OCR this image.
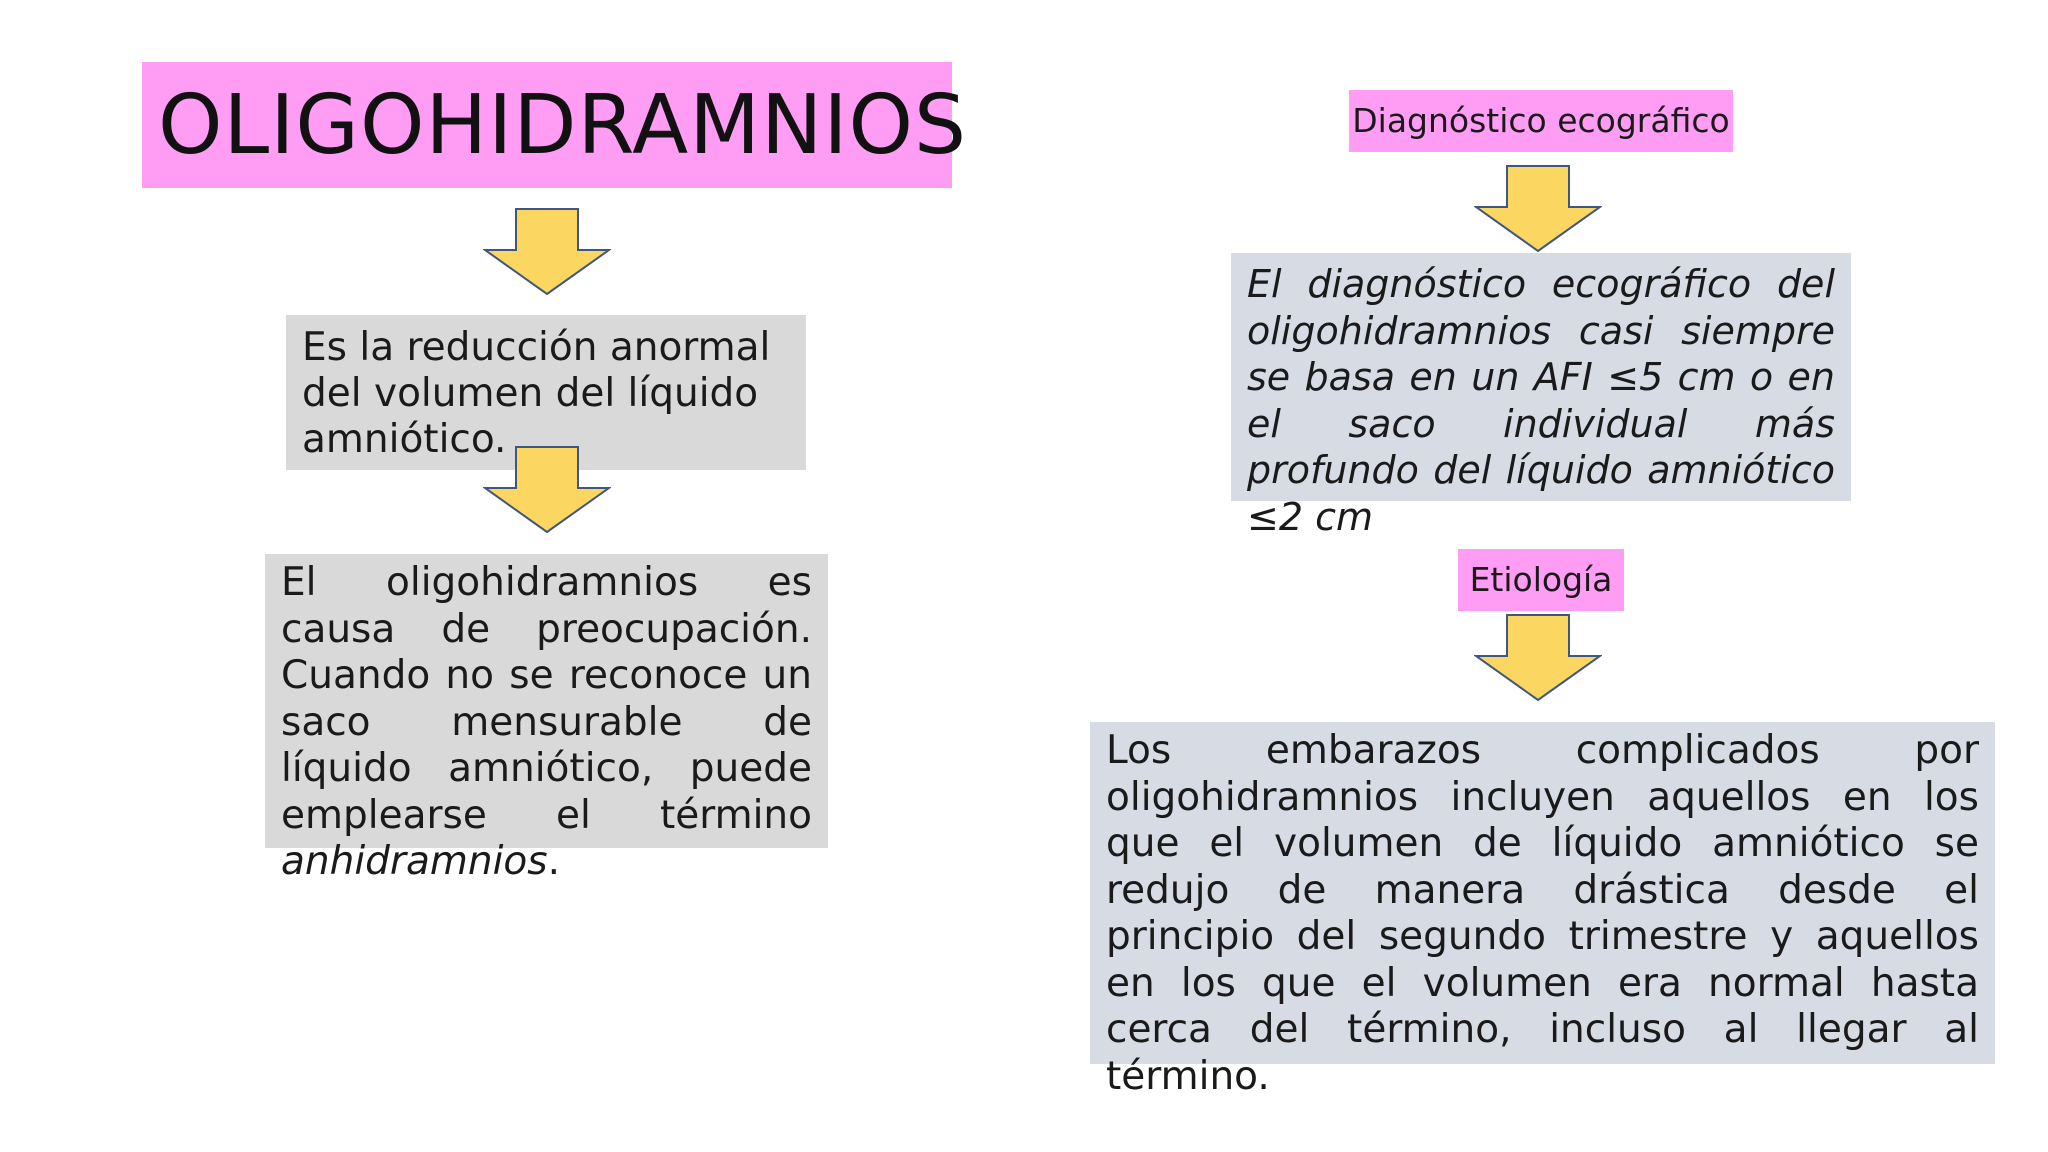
OLIGOHIDRAMNIOS
Es la reducción anormal del volumen del líquido amniótico.
El oligohidramnios es causa de preocupación. Cuando no se reconoce un saco mensurable de líquido amniótico, puede emplearse el término anhidramnios.
Diagnóstico ecográfico
El diagnóstico ecográfico del oligohidramnios casi siempre se basa en un AFI ≤5 cm o en el saco individual más profundo del líquido amniótico ≤2 cm
Etiología
Los embarazos complicados por oligohidramnios incluyen aquellos en los que el volumen de líquido amniótico se redujo de manera drástica desde el principio del segundo trimestre y aquellos en los que el volumen era normal hasta cerca del término, incluso al llegar al término.
